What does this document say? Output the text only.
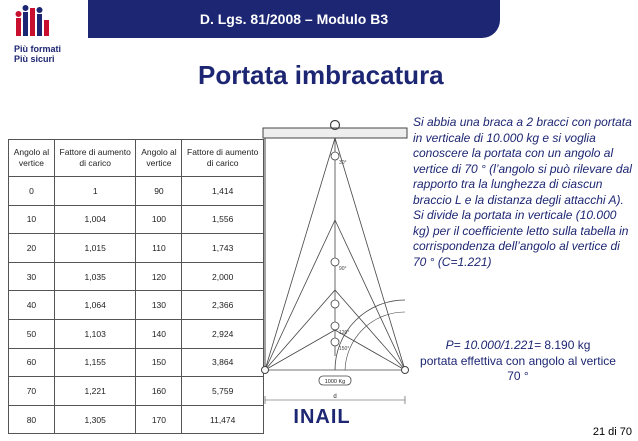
Più formati
Più sicuri
D. Lgs. 81/2008 – Modulo B3
Portata imbracatura
Angolo al vertice	Fattore di aumento di carico	Angolo al vertice	Fattore di aumento di carico
0	1	90	1,414
10	1,004	100	1,556
20	1,015	110	1,743
30	1,035	120	2,000
40	1,064	130	2,366
50	1,103	140	2,924
60	1,155	150	3,864
70	1,221	160	5,759
80	1,305	170	11,474
30°
90°
120°
150°
1000 Kg
d

Si abbia una braca a 2 bracci con portata in verticale di 10.000 kg e si voglia conoscere la portata con un angolo al vertice di 70 ° (l’angolo si può rilevare dal rapporto tra la lunghezza di ciascun braccio L e la distanza degli attacchi A).

Si divide la portata in verticale (10.000 kg) per il coefficiente letto sulla tabella in corrispondenza dell’angolo al vertice di 70 ° (C=1.221)

P= 10.000/1.221= 8.190 kg
portata effettiva con angolo al vertice 70 °
INAIL
21 di 70
